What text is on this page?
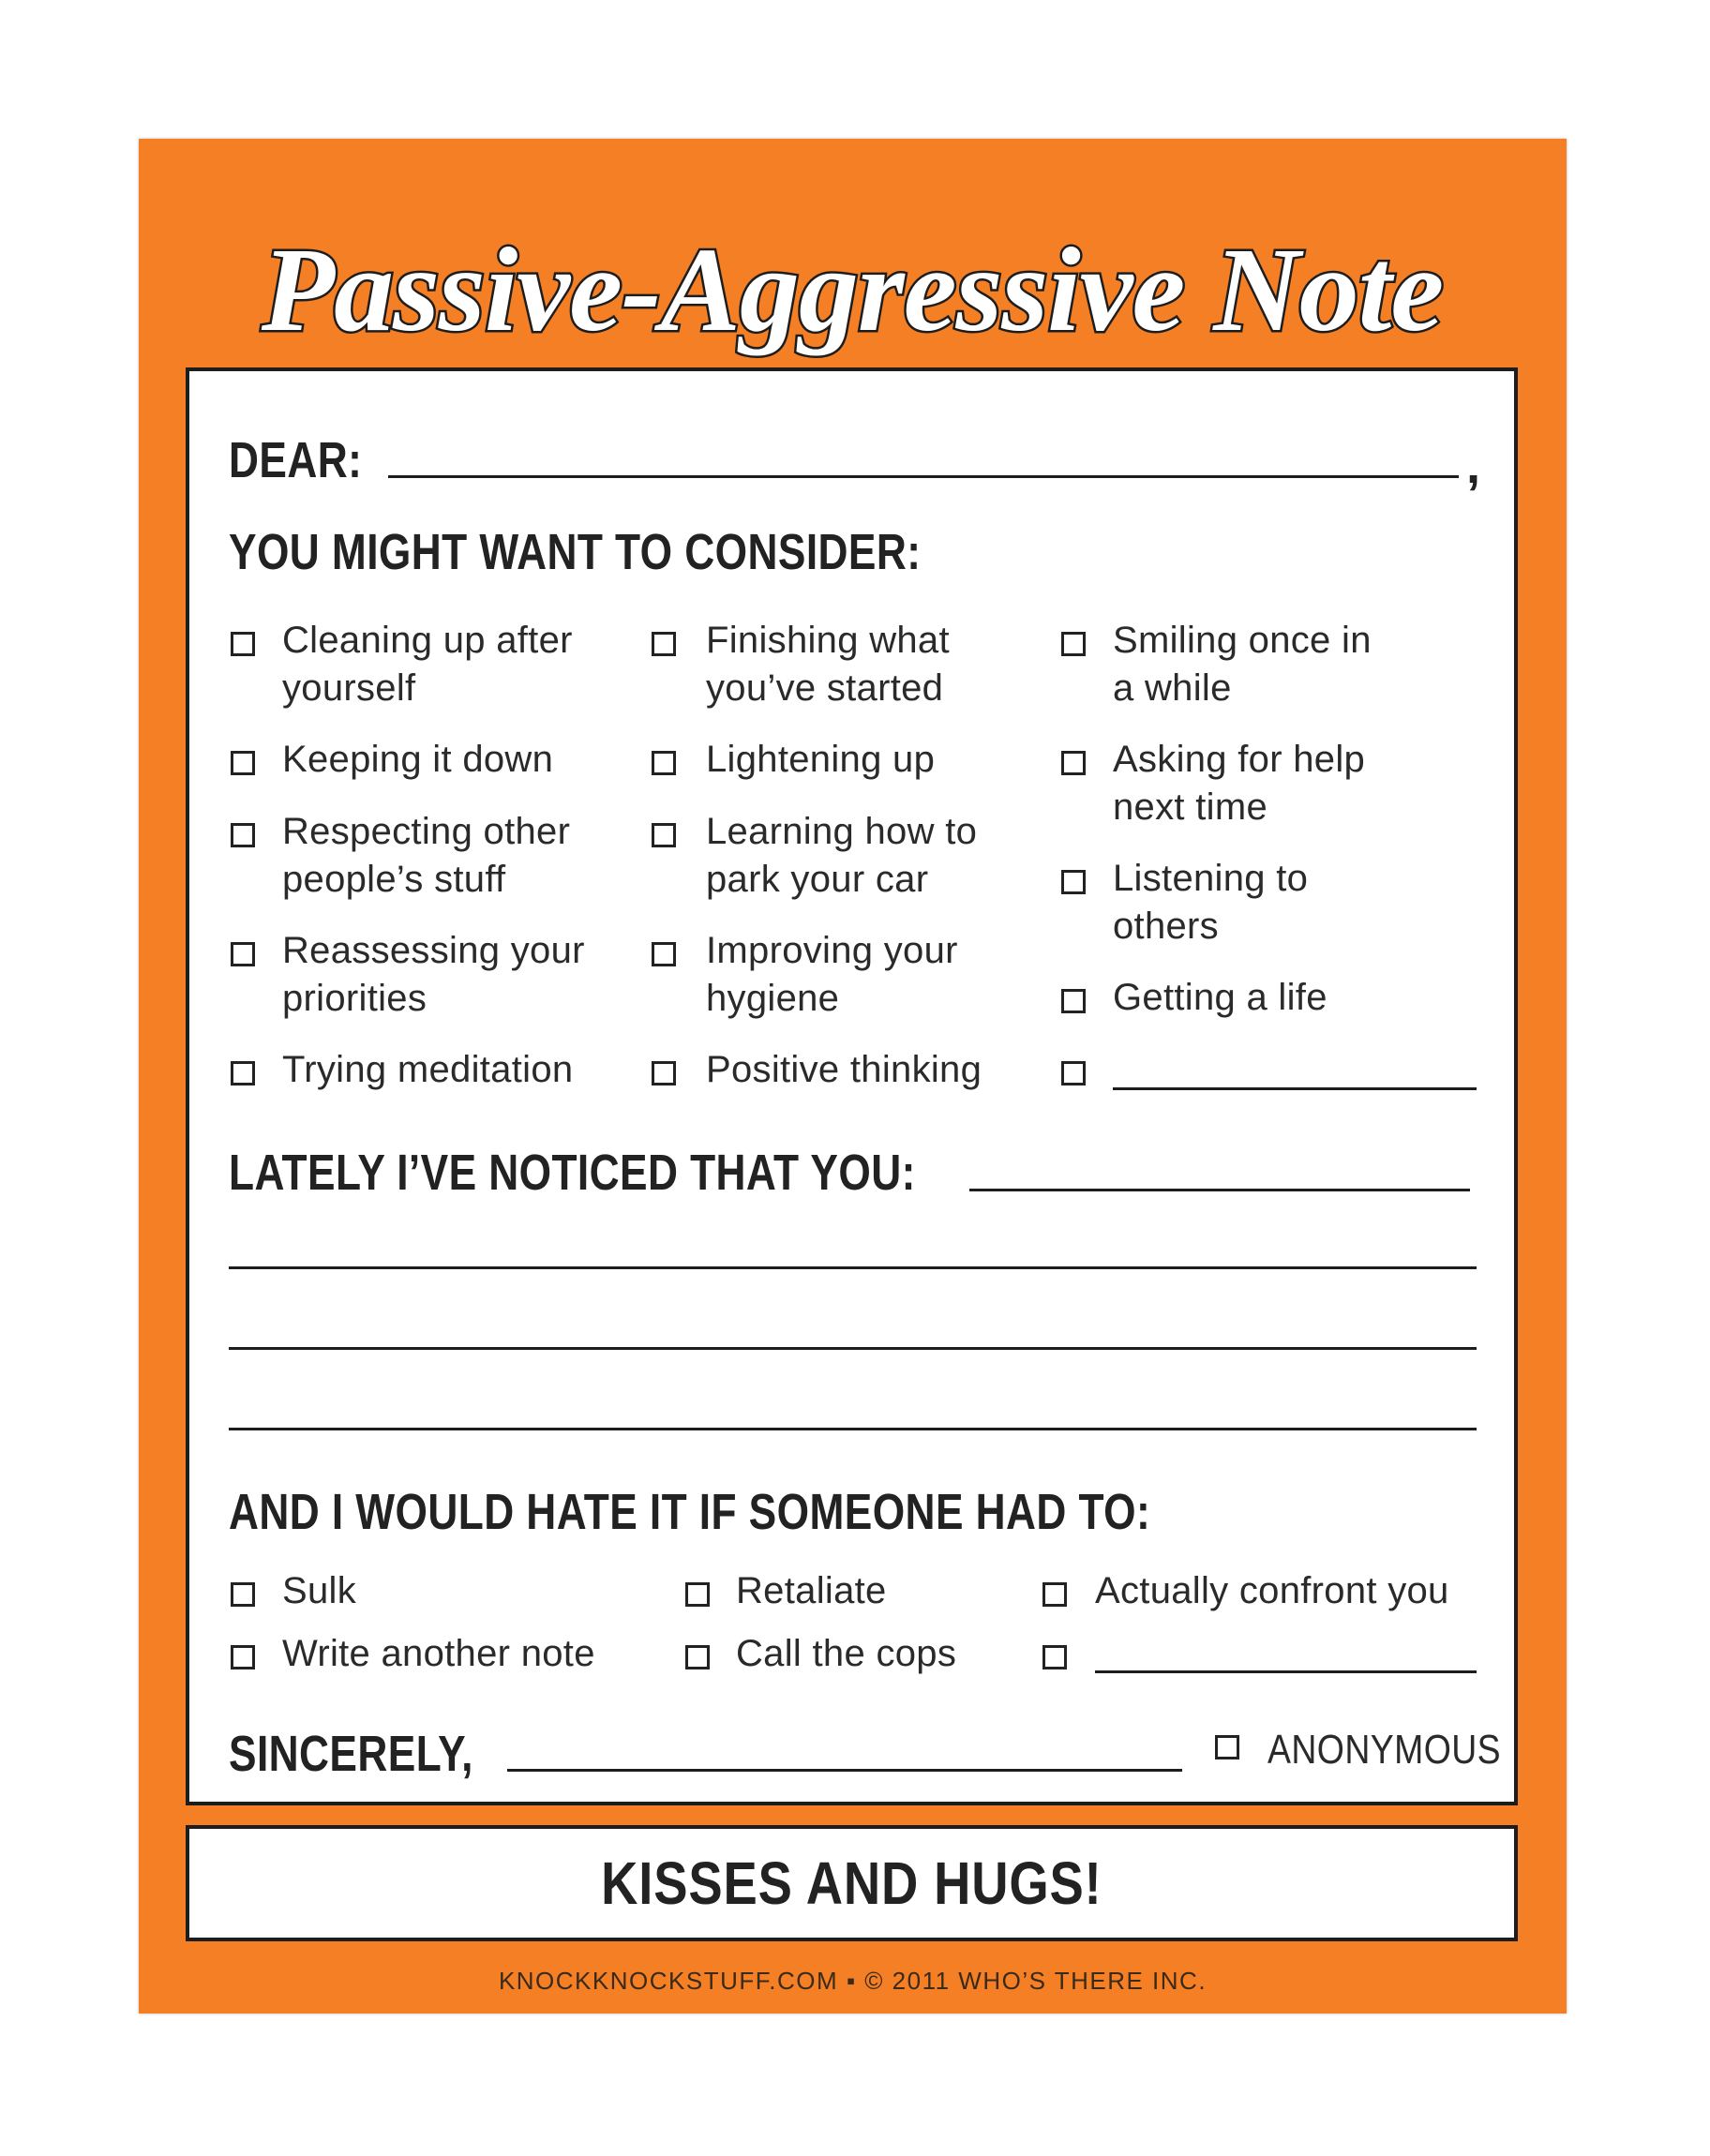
Passive-Aggressive Note
DEAR:	,
YOU MIGHT WANT TO CONSIDER:
Cleaning up after
yourself
Keeping it down
Respecting other
people’s stuff
Reassessing your
priorities
Trying meditation
Finishing what
you’ve started
Lightening up
Learning how to
park your car
Improving your
hygiene
Positive thinking
Smiling once in
a while
Asking for help
next time
Listening to
others
Getting a life
LATELY I’VE NOTICED THAT YOU:
AND I WOULD HATE IT IF SOMEONE HAD TO:
Sulk
Write another note
Retaliate
Call the cops
Actually confront you
SINCERELY,	ANONYMOUS
KISSES AND HUGS!
KNOCKKNOCKSTUFF.COM ▪ © 2011 WHO’S THERE INC.
